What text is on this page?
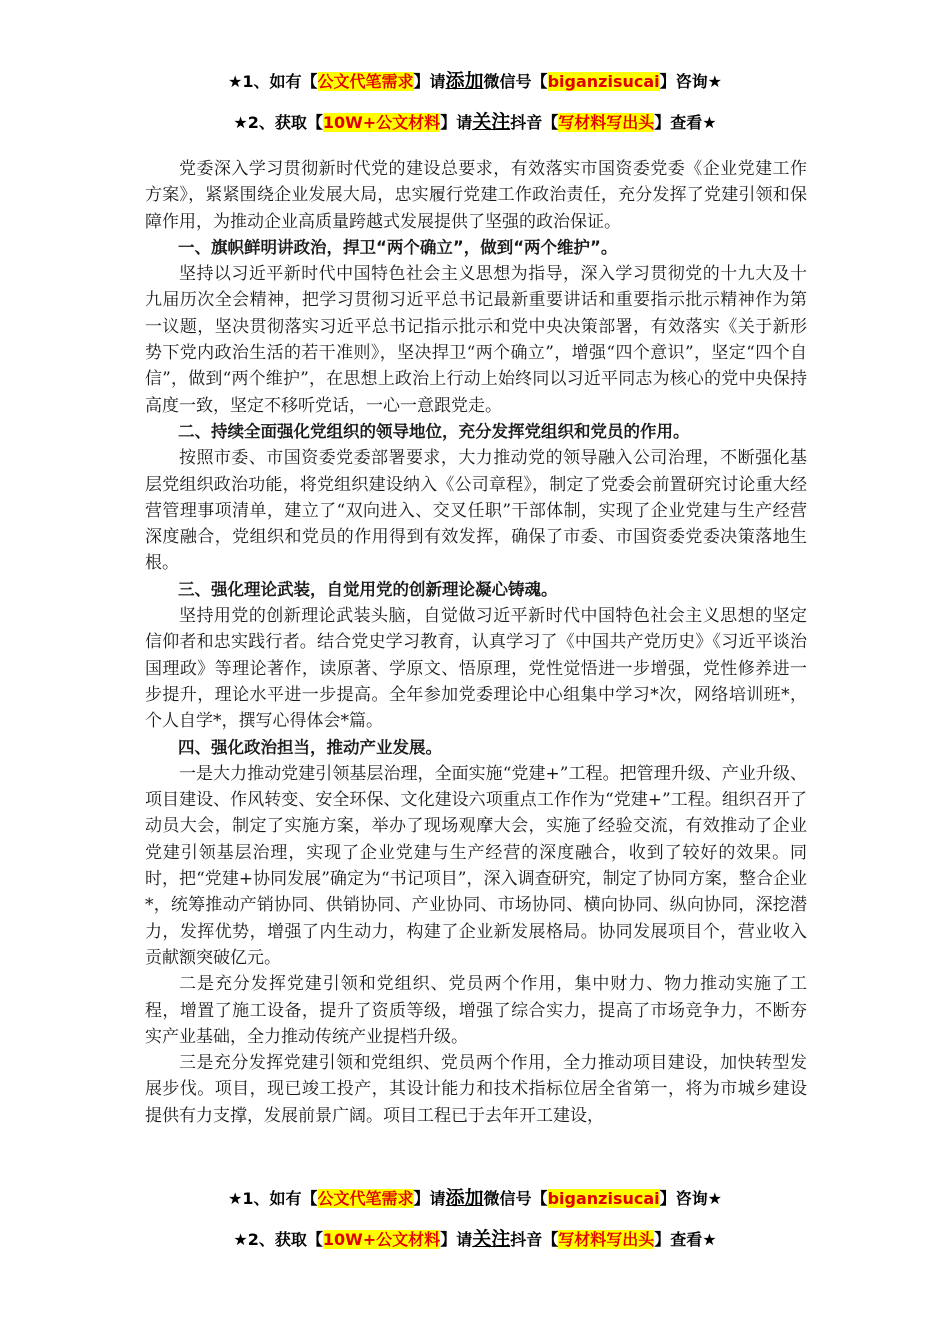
★1、如有【公文代笔需求】请添加微信号【biganzisucai】咨询★
★2、获取【10W+公文材料】请关注抖音【写材料写出头】查看★

党委深入学习贯彻新时代党的建设总要求，有效落实市国资委党委《企业党建工作方案》，紧紧围绕企业发展大局，忠实履行党建工作政治责任，充分发挥了党建引领和保障作用，为推动企业高质量跨越式发展提供了坚强的政治保证。

一、旗帜鲜明讲政治，捍卫“两个确立”，做到“两个维护”。

坚持以习近平新时代中国特色社会主义思想为指导，深入学习贯彻党的十九大及十九届历次全会精神，把学习贯彻习近平总书记最新重要讲话和重要指示批示精神作为第一议题，坚决贯彻落实习近平总书记指示批示和党中央决策部署，有效落实《关于新形势下党内政治生活的若干准则》，坚决捍卫“两个确立”，增强“四个意识”，坚定“四个自信”，做到“两个维护”，在思想上政治上行动上始终同以习近平同志为核心的党中央保持高度一致，坚定不移听党话，一心一意跟党走。

二、持续全面强化党组织的领导地位，充分发挥党组织和党员的作用。

按照市委、市国资委党委部署要求，大力推动党的领导融入公司治理，不断强化基层党组织政治功能，将党组织建设纳入《公司章程》，制定了党委会前置研究讨论重大经营管理事项清单，建立了“双向进入、交叉任职”干部体制，实现了企业党建与生产经营深度融合，党组织和党员的作用得到有效发挥，确保了市委、市国资委党委决策落地生根。

三、强化理论武装，自觉用党的创新理论凝心铸魂。

坚持用党的创新理论武装头脑，自觉做习近平新时代中国特色社会主义思想的坚定信仰者和忠实践行者。结合党史学习教育，认真学习了《中国共产党历史》《习近平谈治国理政》等理论著作，读原著、学原文、悟原理，党性觉悟进一步增强，党性修养进一步提升，理论水平进一步提高。全年参加党委理论中心组集中学习*次，网络培训班*，个人自学*，撰写心得体会*篇。

四、强化政治担当，推动产业发展。

一是大力推动党建引领基层治理，全面实施“党建+”工程。把管理升级、产业升级、项目建设、作风转变、安全环保、文化建设六项重点工作作为“党建+”工程。组织召开了动员大会，制定了实施方案，举办了现场观摩大会，实施了经验交流，有效推动了企业党建引领基层治理，实现了企业党建与生产经营的深度融合，收到了较好的效果。同时，把“党建+协同发展”确定为“书记项目”，深入调查研究，制定了协同方案，整合企业*，统筹推动产销协同、供销协同、产业协同、市场协同、横向协同、纵向协同，深挖潜力，发挥优势，增强了内生动力，构建了企业新发展格局。协同发展项目个，营业收入贡献额突破亿元。

二是充分发挥党建引领和党组织、党员两个作用，集中财力、物力推动实施了工程，增置了施工设备，提升了资质等级，增强了综合实力，提高了市场竞争力，不断夯实产业基础，全力推动传统产业提档升级。

三是充分发挥党建引领和党组织、党员两个作用，全力推动项目建设，加快转型发展步伐。项目，现已竣工投产，其设计能力和技术指标位居全省第一，将为市城乡建设提供有力支撑，发展前景广阔。项目工程已于去年开工建设，

★1、如有【公文代笔需求】请添加微信号【biganzisucai】咨询★
★2、获取【10W+公文材料】请关注抖音【写材料写出头】查看★
